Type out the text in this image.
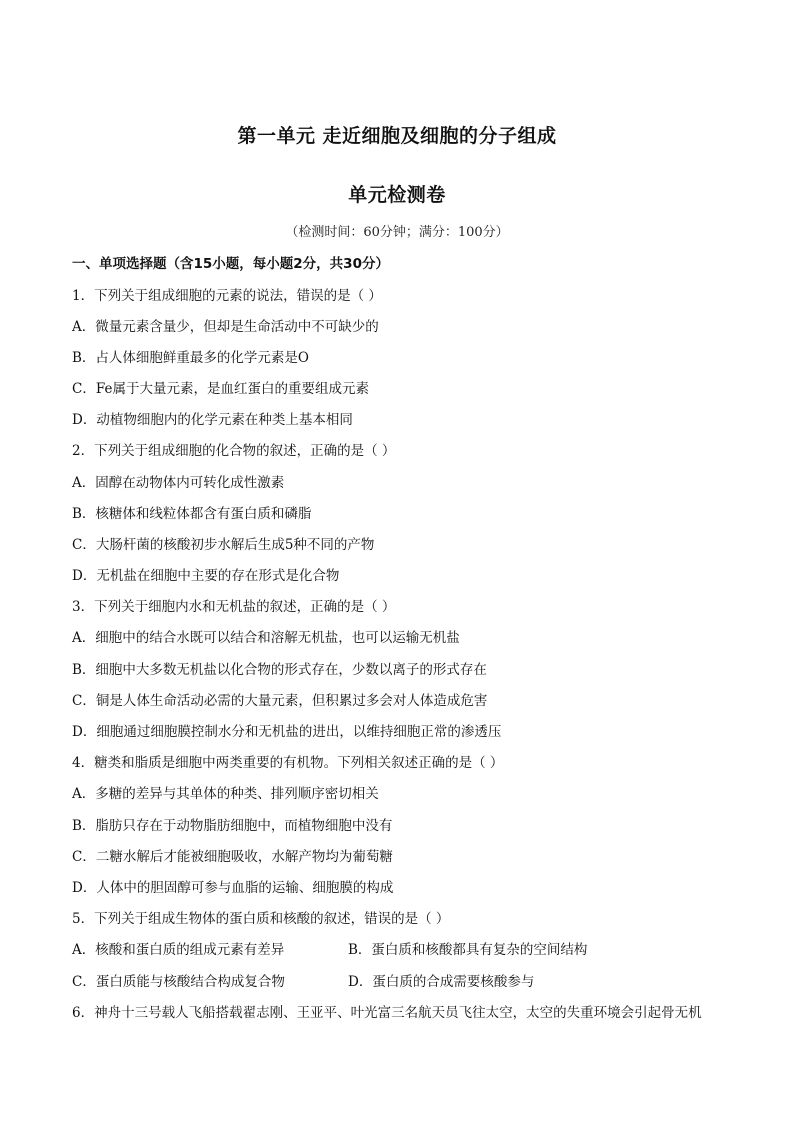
第一单元 走近细胞及细胞的分子组成
单元检测卷
（检测时间：60分钟；满分：100分）
一、单项选择题（含15小题，每小题2分，共30分）
1．下列关于组成细胞的元素的说法，错误的是（ ）
A．微量元素含量少，但却是生命活动中不可缺少的
B．占人体细胞鲜重最多的化学元素是O
C．Fe属于大量元素，是血红蛋白的重要组成元素
D．动植物细胞内的化学元素在种类上基本相同
2．下列关于组成细胞的化合物的叙述，正确的是（ ）
A．固醇在动物体内可转化成性激素
B．核糖体和线粒体都含有蛋白质和磷脂
C．大肠杆菌的核酸初步水解后生成5种不同的产物
D．无机盐在细胞中主要的存在形式是化合物
3．下列关于细胞内水和无机盐的叙述，正确的是（ ）
A．细胞中的结合水既可以结合和溶解无机盐，也可以运输无机盐
B．细胞中大多数无机盐以化合物的形式存在，少数以离子的形式存在
C．铜是人体生命活动必需的大量元素，但积累过多会对人体造成危害
D．细胞通过细胞膜控制水分和无机盐的进出，以维持细胞正常的渗透压
4．糖类和脂质是细胞中两类重要的有机物。下列相关叙述正确的是（ ）
A．多糖的差异与其单体的种类、排列顺序密切相关
B．脂肪只存在于动物脂肪细胞中，而植物细胞中没有
C．二糖水解后才能被细胞吸收，水解产物均为葡萄糖
D．人体中的胆固醇可参与血脂的运输、细胞膜的构成
5．下列关于组成生物体的蛋白质和核酸的叙述，错误的是（ ）
A．核酸和蛋白质的组成元素有差异	B．蛋白质和核酸都具有复杂的空间结构
C．蛋白质能与核酸结合构成复合物	D．蛋白质的合成需要核酸参与
6．神舟十三号载人飞船搭载翟志刚、王亚平、叶光富三名航天员飞往太空，太空的失重环境会引起骨无机
